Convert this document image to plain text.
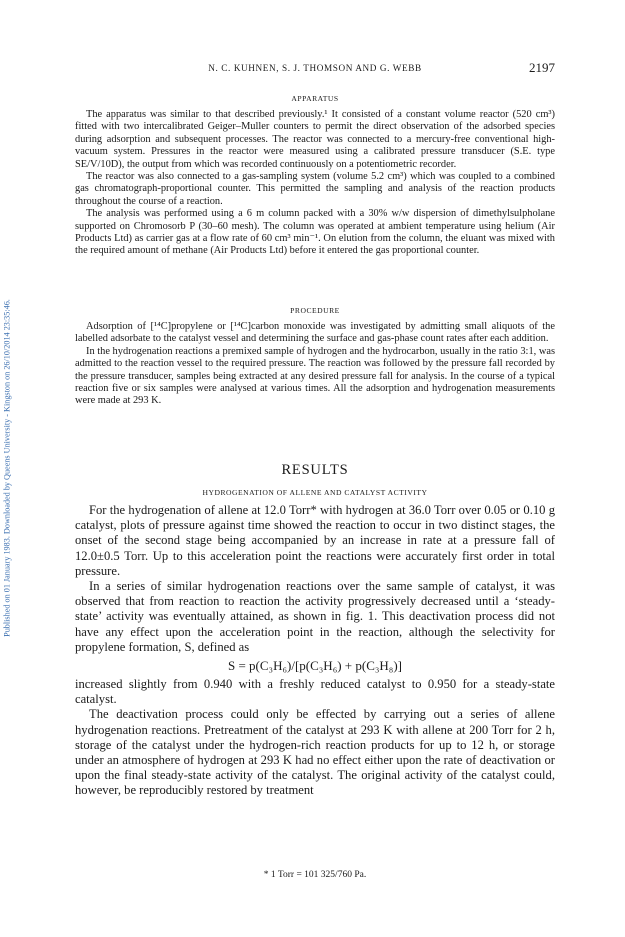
Published on 01 January 1983. Downloaded by Queens University - Kingston on 26/10/2014 23:35:46.
N. C. KUHNEN, S. J. THOMSON AND G. WEBB	2197

APPARATUS

The apparatus was similar to that described previously.¹ It consisted of a constant volume reactor (520 cm³) fitted with two intercalibrated Geiger–Muller counters to permit the direct observation of the adsorbed species during adsorption and subsequent processes. The reactor was connected to a mercury-free conventional high-vacuum system. Pressures in the reactor were measured using a calibrated pressure transducer (S.E. type SE/V/10D), the output from which was recorded continuously on a potentiometric recorder.

The reactor was also connected to a gas-sampling system (volume 5.2 cm³) which was coupled to a combined gas chromatograph-proportional counter. This permitted the sampling and analysis of the reaction products throughout the course of a reaction.

The analysis was performed using a 6 m column packed with a 30% w/w dispersion of dimethylsulpholane supported on Chromosorb P (30–60 mesh). The column was operated at ambient temperature using helium (Air Products Ltd) as carrier gas at a flow rate of 60 cm³ min⁻¹. On elution from the column, the eluant was mixed with the required amount of methane (Air Products Ltd) before it entered the gas proportional counter.

PROCEDURE

Adsorption of [¹⁴C]propylene or [¹⁴C]carbon monoxide was investigated by admitting small aliquots of the labelled adsorbate to the catalyst vessel and determining the surface and gas-phase count rates after each addition.

In the hydrogenation reactions a premixed sample of hydrogen and the hydrocarbon, usually in the ratio 3:1, was admitted to the reaction vessel to the required pressure. The reaction was followed by the pressure fall recorded by the pressure transducer, samples being extracted at any desired pressure fall for analysis. In the course of a typical reaction five or six samples were analysed at various times. All the adsorption and hydrogenation measurements were made at 293 K.

RESULTS

HYDROGENATION OF ALLENE AND CATALYST ACTIVITY

For the hydrogenation of allene at 12.0 Torr* with hydrogen at 36.0 Torr over 0.05 or 0.10 g catalyst, plots of pressure against time showed the reaction to occur in two distinct stages, the onset of the second stage being accompanied by an increase in rate at a pressure fall of 12.0±0.5 Torr. Up to this acceleration point the reactions were accurately first order in total pressure.

In a series of similar hydrogenation reactions over the same sample of catalyst, it was observed that from reaction to reaction the activity progressively decreased until a ‘steady-state’ activity was eventually attained, as shown in fig. 1. This deactivation process did not have any effect upon the acceleration point in the reaction, although the selectivity for propylene formation, S, defined as

S = p(C₃H₆)/[p(C₃H₆) + p(C₃H₈)]

increased slightly from 0.940 with a freshly reduced catalyst to 0.950 for a steady-state catalyst.

The deactivation process could only be effected by carrying out a series of allene hydrogenation reactions. Pretreatment of the catalyst at 293 K with allene at 200 Torr for 2 h, storage of the catalyst under the hydrogen-rich reaction products for up to 12 h, or storage under an atmosphere of hydrogen at 293 K had no effect either upon the rate of deactivation or upon the final steady-state activity of the catalyst. The original activity of the catalyst could, however, be reproducibly restored by treatment

* 1 Torr = 101 325/760 Pa.
